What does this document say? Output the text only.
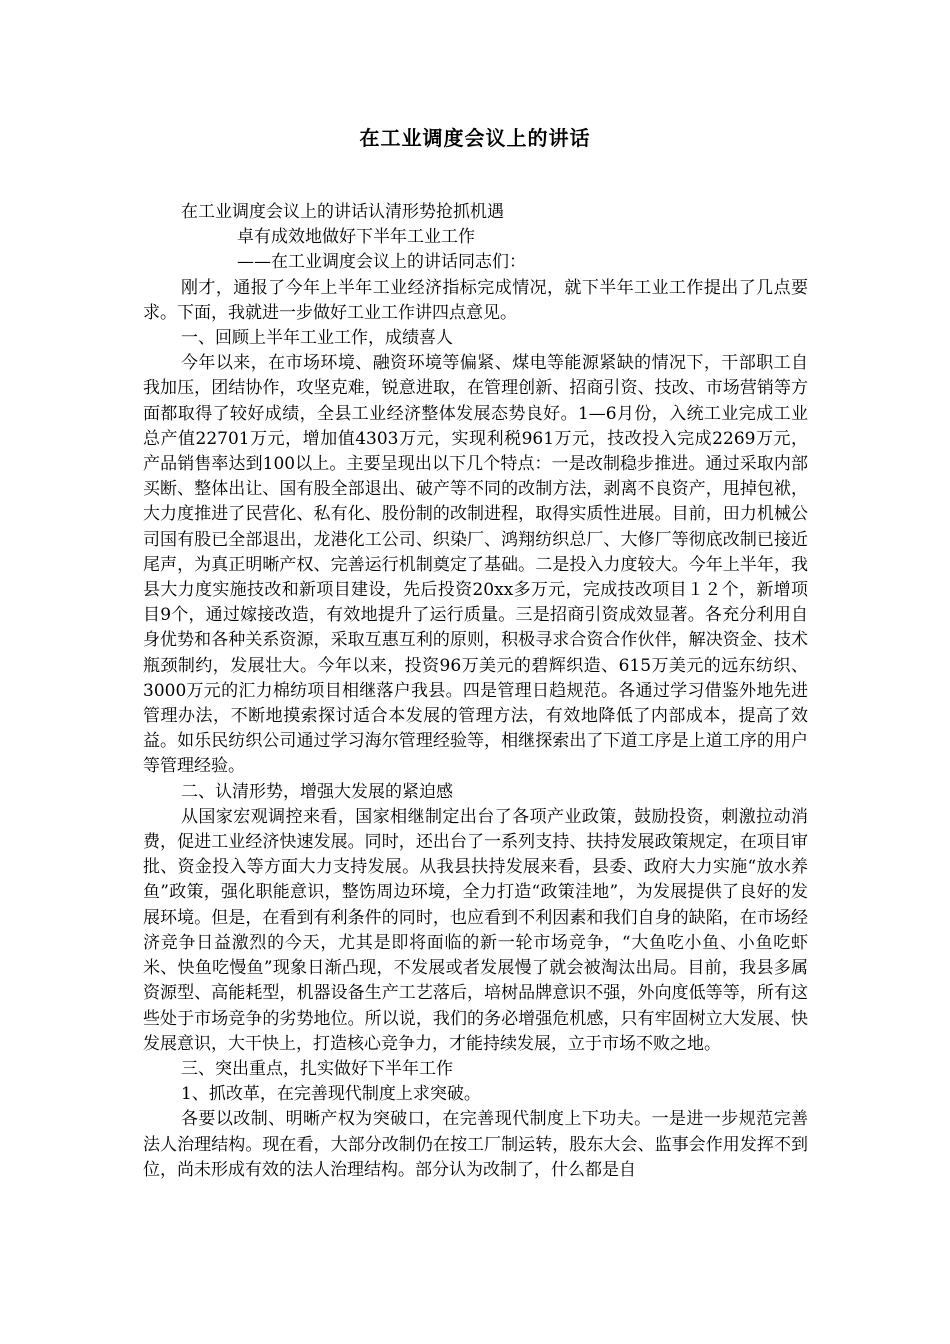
在工业调度会议上的讲话

在工业调度会议上的讲话认清形势抢抓机遇

卓有成效地做好下半年工业工作

——在工业调度会议上的讲话同志们：

刚才，通报了今年上半年工业经济指标完成情况，就下半年工业工作提出了几点要求。下面，我就进一步做好工业工作讲四点意见。

一、回顾上半年工业工作，成绩喜人

今年以来，在市场环境、融资环境等偏紧、煤电等能源紧缺的情况下，干部职工自我加压，团结协作，攻坚克难，锐意进取，在管理创新、招商引资、技改、市场营销等方面都取得了较好成绩，全县工业经济整体发展态势良好。1—6月份，入统工业完成工业总产值22701万元，增加值4303万元，实现利税961万元，技改投入完成2269万元，产品销售率达到100以上。主要呈现出以下几个特点：一是改制稳步推进。通过采取内部买断、整体出让、国有股全部退出、破产等不同的改制方法，剥离不良资产，甩掉包袱，大力度推进了民营化、私有化、股份制的改制进程，取得实质性进展。目前，田力机械公司国有股已全部退出，龙港化工公司、织染厂、鸿翔纺织总厂、大修厂等彻底改制已接近尾声，为真正明晰产权、完善运行机制奠定了基础。二是投入力度较大。今年上半年，我县大力度实施技改和新项目建设，先后投资20xx多万元，完成技改项目１２个，新增项目9个，通过嫁接改造，有效地提升了运行质量。三是招商引资成效显著。各充分利用自身优势和各种关系资源，采取互惠互利的原则，积极寻求合资合作伙伴，解决资金、技术瓶颈制约，发展壮大。今年以来，投资96万美元的碧辉织造、615万美元的远东纺织、3000万元的汇力棉纺项目相继落户我县。四是管理日趋规范。各通过学习借鉴外地先进管理办法，不断地摸索探讨适合本发展的管理方法，有效地降低了内部成本，提高了效益。如乐民纺织公司通过学习海尔管理经验等，相继探索出了下道工序是上道工序的用户等管理经验。

二、认清形势，增强大发展的紧迫感

从国家宏观调控来看，国家相继制定出台了各项产业政策，鼓励投资，刺激拉动消费，促进工业经济快速发展。同时，还出台了一系列支持、扶持发展政策规定，在项目审批、资金投入等方面大力支持发展。从我县扶持发展来看，县委、政府大力实施“放水养鱼”政策，强化职能意识，整饬周边环境，全力打造“政策洼地”，为发展提供了良好的发展环境。但是，在看到有利条件的同时，也应看到不利因素和我们自身的缺陷，在市场经济竞争日益激烈的今天，尤其是即将面临的新一轮市场竞争，“大鱼吃小鱼、小鱼吃虾米、快鱼吃慢鱼”现象日渐凸现，不发展或者发展慢了就会被淘汰出局。目前，我县多属资源型、高能耗型，机器设备生产工艺落后，培树品牌意识不强，外向度低等等，所有这些处于市场竞争的劣势地位。所以说，我们的务必增强危机感，只有牢固树立大发展、快发展意识，大干快上，打造核心竞争力，才能持续发展，立于市场不败之地。

三、突出重点，扎实做好下半年工作

1、抓改革，在完善现代制度上求突破。

各要以改制、明晰产权为突破口，在完善现代制度上下功夫。一是进一步规范完善法人治理结构。现在看，大部分改制仍在按工厂制运转，股东大会、监事会作用发挥不到位，尚未形成有效的法人治理结构。部分认为改制了，什么都是自
